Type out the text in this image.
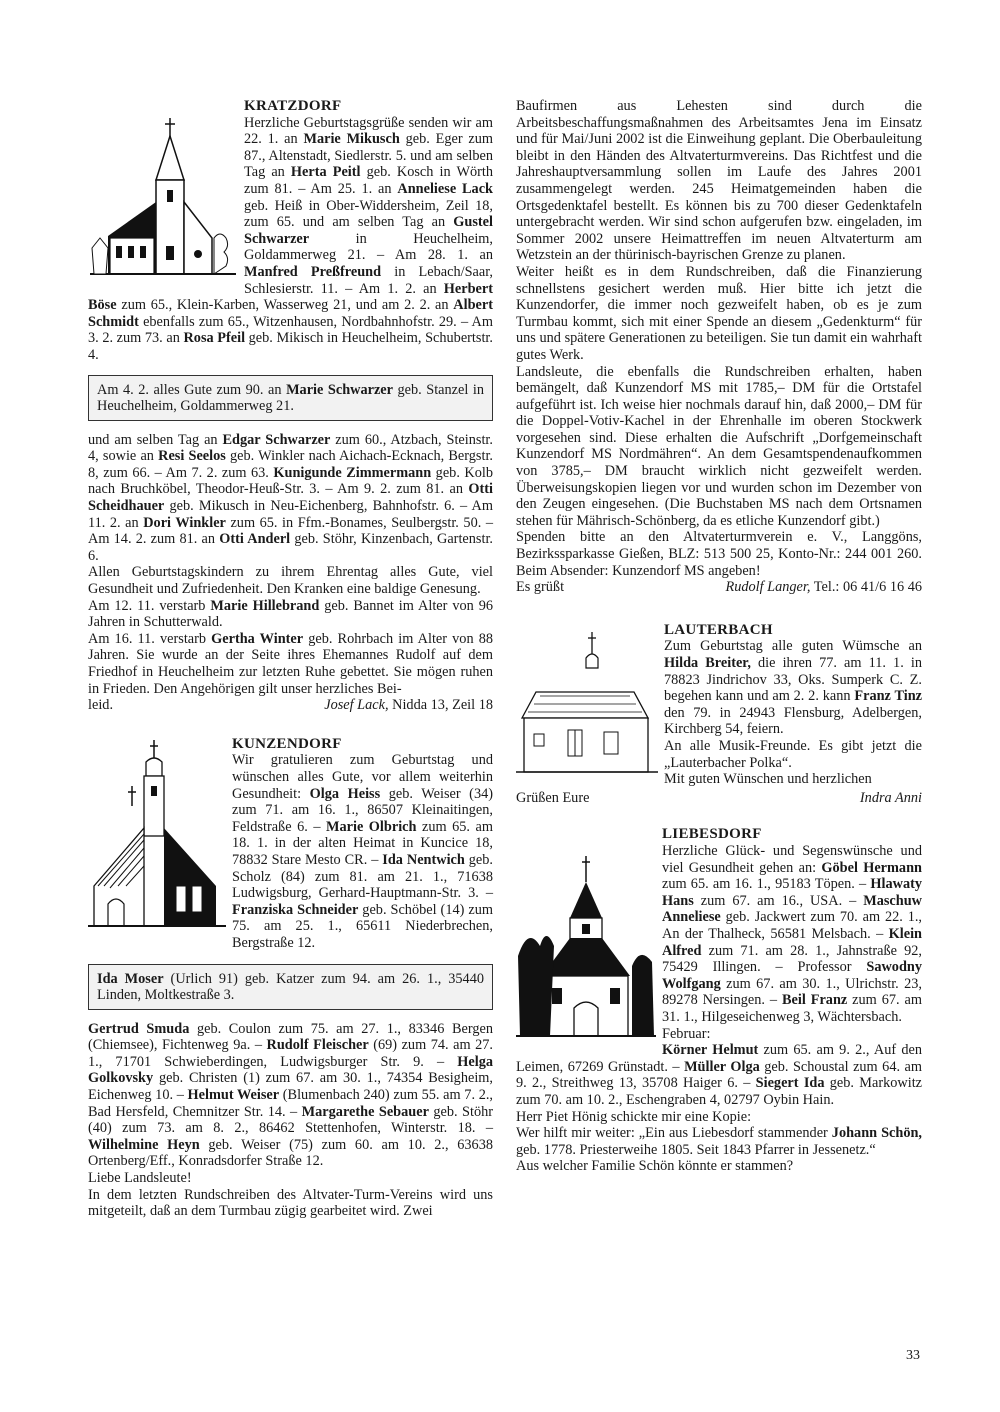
KRATZDORF

Herzliche Geburtstagsgrüße senden wir am 22. 1. an Marie Mikusch geb. Eger zum 87., Altenstadt, Siedlerstr. 5. und am selben Tag an Herta Peitl geb. Kosch in Wörth zum 81. – Am 25. 1. an Anneliese Lack geb. Heiß in Ober-Widdersheim, Zeil 18, zum 65. und am selben Tag an Gustel Schwarzer in Heuchelheim, Goldammerweg 21. – Am 28. 1. an Manfred Preßfreund in Lebach/Saar, Schlesierstr. 11. – Am 1. 2. an Herbert Böse zum 65., Klein-Karben, Wasserweg 21, und am 2. 2. an Albert Schmidt ebenfalls zum 65., Witzenhausen, Nordbahnhofstr. 29. – Am 3. 2. zum 73. an Rosa Pfeil geb. Mikisch in Heuchelheim, Schubertstr. 4.

Am 4. 2. alles Gute zum 90. an Marie Schwarzer geb. Stanzel in Heuchelheim, Goldammerweg 21.

und am selben Tag an Edgar Schwarzer zum 60., Atzbach, Steinstr. 4, sowie an Resi Seelos geb. Winkler nach Aichach-Ecknach, Bergstr. 8, zum 66. – Am 7. 2. zum 63. Kunigunde Zimmermann geb. Kolb nach Bruchköbel, Theodor-Heuß-Str. 3. – Am 9. 2. zum 81. an Otti Scheidhauer geb. Mikusch in Neu-Eichenberg, Bahnhofstr. 6. – Am 11. 2. an Dori Winkler zum 65. in Ffm.-Bonames, Seulbergstr. 50. – Am 14. 2. zum 81. an Otti Anderl geb. Stöhr, Kinzenbach, Gartenstr. 6.

Allen Geburtstagskindern zu ihrem Ehrentag alles Gute, viel Gesundheit und Zufriedenheit. Den Kranken eine baldige Genesung.

Am 12. 11. verstarb Marie Hillebrand geb. Bannet im Alter von 96 Jahren in Schutterwald.

Am 16. 11. verstarb Gertha Winter geb. Rohrbach im Alter von 88 Jahren. Sie wurde an der Seite ihres Ehemannes Rudolf auf dem Friedhof in Heuchelheim zur letzten Ruhe gebettet. Sie mögen ruhen in Frieden. Den Angehörigen gilt unser herzliches Bei-

leid.	Josef Lack, Nidda 13, Zeil 18

KUNZENDORF

Wir gratulieren zum Geburtstag und wünschen alles Gute, vor allem weiterhin Gesundheit: Olga Heiss geb. Weiser (34) zum 71. am 16. 1., 86507 Kleinaitingen, Feldstraße 6. – Marie Olbrich zum 65. am 18. 1. in der alten Heimat in Kuncice 18, 78832 Stare Mesto CR. – Ida Nentwich geb. Scholz (84) zum 81. am 21. 1., 71638 Ludwigsburg, Gerhard-Hauptmann-Str. 3. – Franziska Schneider geb. Schöbel (14) zum 75. am 25. 1., 65611 Niederbrechen, Bergstraße 12.

Ida Moser (Urlich 91) geb. Katzer zum 94. am 26. 1., 35440 Linden, Moltkestraße 3.

Gertrud Smuda geb. Coulon zum 75. am 27. 1., 83346 Bergen (Chiemsee), Fichtenweg 9a. – Rudolf Fleischer (69) zum 74. am 27. 1., 71701 Schwieberdingen, Ludwigsburger Str. 9. – Helga Golkovsky geb. Christen (1) zum 67. am 30. 1., 74354 Besigheim, Eichenweg 10. – Helmut Weiser (Blumenbach 240) zum 55. am 7. 2., Bad Hersfeld, Chemnitzer Str. 14. – Margarethe Sebauer geb. Stöhr (40) zum 73. am 8. 2., 86462 Stettenhofen, Winterstr. 18. – Wilhelmine Heyn geb. Weiser (75) zum 60. am 10. 2., 63638 Ortenberg/Eff., Konradsdorfer Straße 12.

Liebe Landsleute!

In dem letzten Rundschreiben des Altvater-Turm-Vereins wird uns mitgeteilt, daß an dem Turmbau zügig gearbeitet wird. Zwei

Baufirmen aus Lehesten sind durch die Arbeitsbeschaffungsmaßnahmen des Arbeitsamtes Jena im Einsatz und für Mai/Juni 2002 ist die Einweihung geplant. Die Oberbauleitung bleibt in den Händen des Altvaterturmvereins. Das Richtfest und die Jahreshauptversammlung sollen im Laufe des Jahres 2001 zusammengelegt werden. 245 Heimatgemeinden haben die Ortsgedenktafel bestellt. Es können bis zu 700 dieser Gedenktafeln untergebracht werden. Wir sind schon aufgerufen bzw. eingeladen, im Sommer 2002 unsere Heimattreffen im neuen Altvaterturm am Wetzstein an der thürinisch-bayrischen Grenze zu planen.

Weiter heißt es in dem Rundschreiben, daß die Finanzierung schnellstens gesichert werden muß. Hier bitte ich jetzt die Kunzendorfer, die immer noch gezweifelt haben, ob es je zum Turmbau kommt, sich mit einer Spende an diesem „Gedenkturm“ für uns und spätere Generationen zu beteiligen. Sie tun damit ein wahrhaft gutes Werk.

Landsleute, die ebenfalls die Rundschreiben erhalten, haben bemängelt, daß Kunzendorf MS mit 1785,– DM für die Ortstafel aufgeführt ist. Ich weise hier nochmals darauf hin, daß 2000,– DM für die Doppel-Votiv-Kachel in der Ehrenhalle im oberen Stockwerk vorgesehen sind. Diese erhalten die Aufschrift „Dorfgemeinschaft Kunzendorf MS Nordmähren“. An dem Gesamtspendenaufkommen von 3785,– DM braucht wirklich nicht gezweifelt werden. Überweisungskopien liegen vor und wurden schon im Dezember von den Zeugen eingesehen. (Die Buchstaben MS nach dem Ortsnamen stehen für Mährisch-Schönberg, da es etliche Kunzendorf gibt.)

Spenden bitte an den Altvaterturmverein e. V., Langgöns, Bezirkssparkasse Gießen, BLZ: 513 500 25, Konto-Nr.: 244 001 260. Beim Absender: Kunzendorf MS angeben!

Es grüßt	Rudolf Langer, Tel.: 06 41/6 16 46

LAUTERBACH

Zum Geburtstag alle guten Wümsche an Hilda Breiter, die ihren 77. am 11. 1. in 78823 Jindrichov 33, Oks. Sumperk C. Z. begehen kann und am 2. 2. kann Franz Tinz den 79. in 24943 Flensburg, Adelbergen, Kirchberg 54, feiern.

An alle Musik-Freunde. Es gibt jetzt die „Lauterbacher Polka“.

Mit guten Wünschen und herzlichen

Grüßen Eure	Indra Anni

LIEBESDORF

Herzliche Glück- und Segenswünsche und viel Gesundheit gehen an: Göbel Hermann zum 65. am 16. 1., 95183 Töpen. – Hlawaty Hans zum 67. am 16., USA. – Maschuw Anneliese geb. Jackwert zum 70. am 22. 1., An der Thalheck, 56581 Melsbach. – Klein Alfred zum 71. am 28. 1., Jahnstraße 92, 75429 Illingen. – Professor Sawodny Wolfgang zum 67. am 30. 1., Ulrichstr. 23, 89278 Nersingen. – Beil Franz zum 67. am 31. 1., Hilgeseichenweg 3, Wächtersbach.

Februar:

Körner Helmut zum 65. am 9. 2., Auf den Leimen, 67269 Grünstadt. – Müller Olga geb. Schoustal zum 64. am 9. 2., Streithweg 13, 35708 Haiger 6. – Siegert Ida geb. Markowitz zum 70. am 10. 2., Eschengraben 4, 02797 Oybin Hain.

Herr Piet Hönig schickte mir eine Kopie:

Wer hilft mir weiter: „Ein aus Liebesdorf stammender Johann Schön, geb. 1778. Priesterweihe 1805. Seit 1843 Pfarrer in Jessenetz.“

Aus welcher Familie Schön könnte er stammen?

33
